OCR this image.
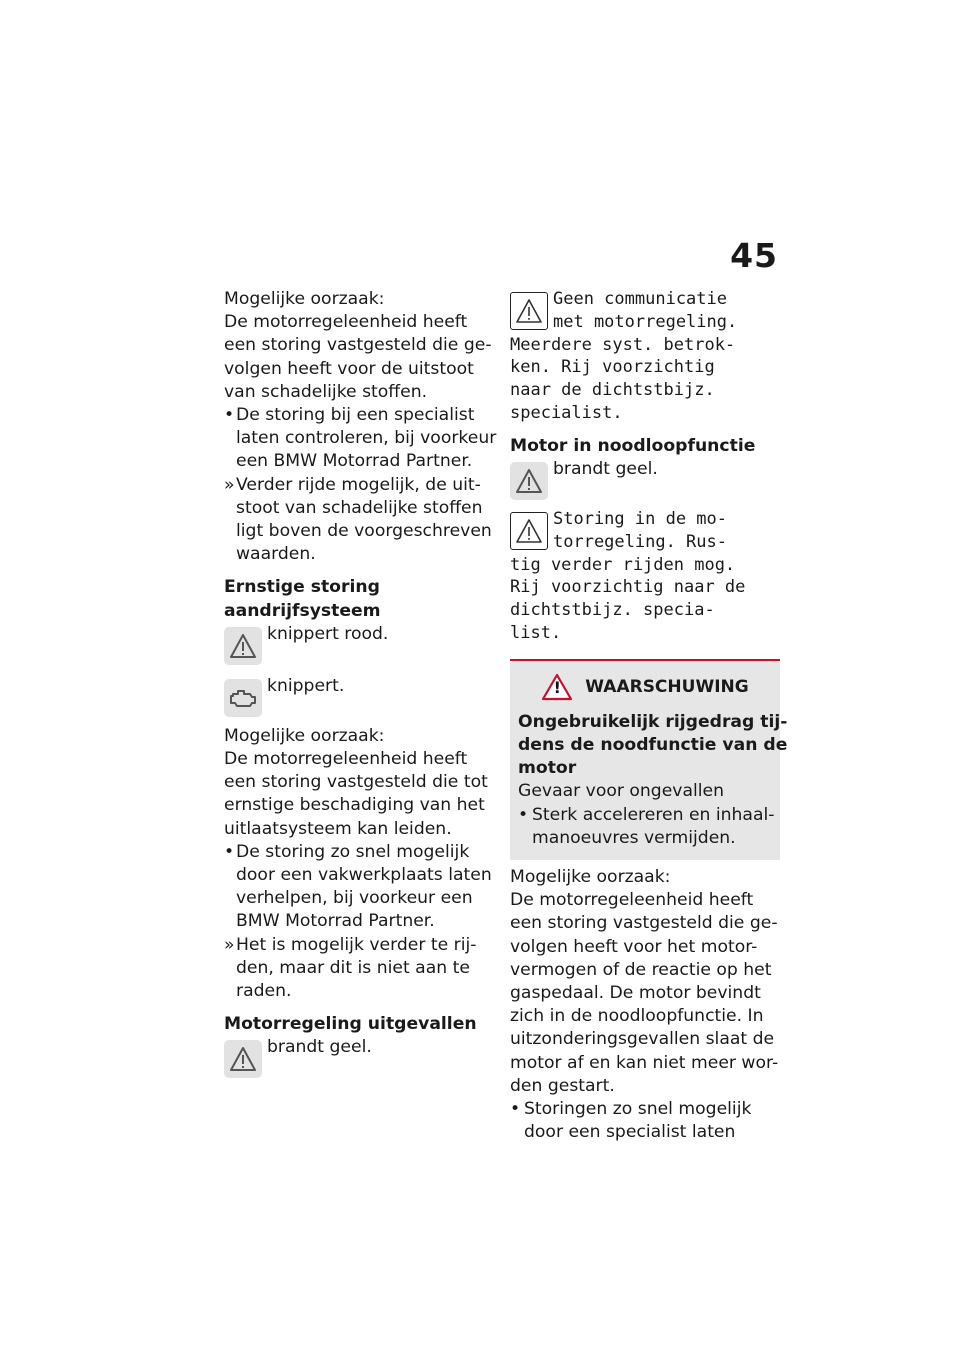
45

Mogelijke oorzaak:

De motorregeleenheid heeft

een storing vastgesteld die ge-

volgen heeft voor de uitstoot

van schadelijke stoffen.

• De storing bij een specialist
laten controleren, bij voorkeur
een BMW Motorrad Partner.
» Verder rijde mogelijk, de uit-
stoot van schadelijke stoffen
ligt boven de voorgeschreven
waarden.

Ernstige storing

aandrijfsysteem

knippert rood.

knippert.

Mogelijke oorzaak:

De motorregeleenheid heeft

een storing vastgesteld die tot

ernstige beschadiging van het

uitlaatsysteem kan leiden.

• De storing zo snel mogelijk
door een vakwerkplaats laten
verhelpen, bij voorkeur een
BMW Motorrad Partner.
» Het is mogelijk verder te rij-
den, maar dit is niet aan te
raden.

Motorregeling uitgevallen

brandt geel.

Geen communicatie

met motorregeling.

Meerdere syst. betrok-

ken. Rij voorzichtig

naar de dichtstbijz.

specialist.

Motor in noodloopfunctie

brandt geel.

Storing in de mo-

torregeling. Rus-

tig verder rijden mog.

Rij voorzichtig naar de

dichtstbijz. specia-

list.

!	WAARSCHUWING

Ongebruikelijk rijgedrag tij-

dens de noodfunctie van de

motor

Gevaar voor ongevallen

• Sterk accelereren en inhaal-
manoeuvres vermijden.

Mogelijke oorzaak:

De motorregeleenheid heeft

een storing vastgesteld die ge-

volgen heeft voor het motor-

vermogen of de reactie op het

gaspedaal. De motor bevindt

zich in de noodloopfunctie. In

uitzonderingsgevallen slaat de

motor af en kan niet meer wor-

den gestart.

• Storingen zo snel mogelijk
door een specialist laten
